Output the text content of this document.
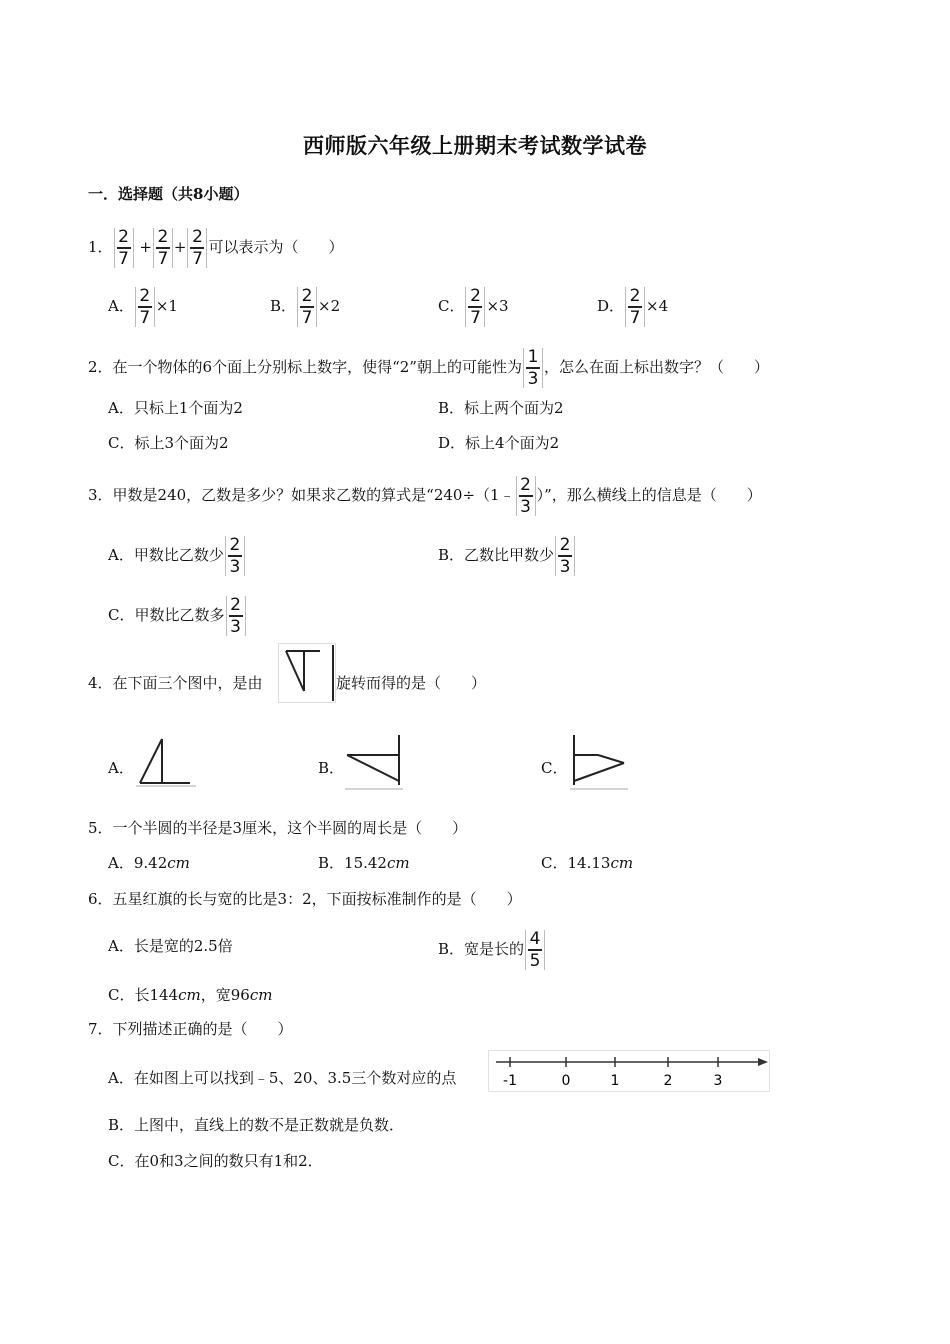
西师版六年级上册期末考试数学试卷
一．选择题（共8小题）
1． $\frac{2}{7} + \frac{2}{7} + \frac{2}{7}$ 可以表示为（　　）
A． $\frac{2}{7} \times 1$	B． $\frac{2}{7} \times 2$	C． $\frac{2}{7} \times 3$	D． $\frac{2}{7} \times 4$
2．在一个物体的6个面上分别标上数字，使得“2”朝上的可能性为 $\frac{1}{3}$ ，怎么在面上标出数字？（　　）
A．只标上1个面为2	B．标上两个面为2
C．标上3个面为2	D．标上4个面为2
3．甲数是240，乙数是多少？如果求乙数的算式是“240÷（1﹣ $\frac{2}{3}$ ）”，那么横线上的信息是（　　）
A．甲数比乙数少 $\frac{2}{3}$	B．乙数比甲数少 $\frac{2}{3}$
C．甲数比乙数多 $\frac{2}{3}$
4．在下面三个图中，是由	旋转而得的是（　　）
A．	B．	C．
5．一个半圆的半径是3厘米，这个半圆的周长是（　　）
A．9.42cm	B．15.42cm	C．14.13cm
6．五星红旗的长与宽的比是3：2，下面按标准制作的是（　　）
A．长是宽的2.5倍	B．宽是长的 $\frac{4}{5}$
C．长144cm，宽96cm
7．下列描述正确的是（　　）
A．在如图上可以找到﹣5、20、3.5三个数对应的点	-1	0	1	2	3
B．上图中，直线上的数不是正数就是负数．
C．在0和3之间的数只有1和2．
